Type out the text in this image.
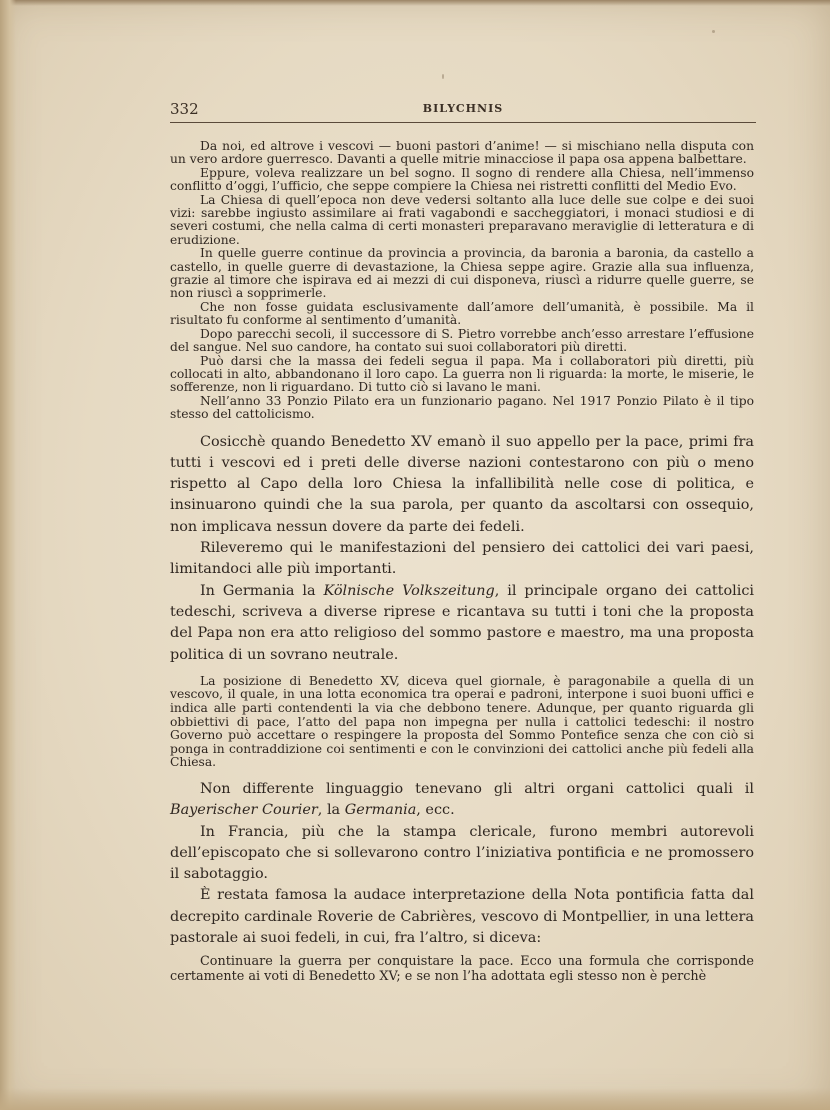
332	BILYCHNIS

Da noi, ed altrove i vescovi — buoni pastori d’anime! — si mischiano nella disputa con un vero ardore guerresco. Davanti a quelle mitrie minacciose il papa osa appena balbettare.

Eppure, voleva realizzare un bel sogno. Il sogno di rendere alla Chiesa, nell’immenso conflitto d’oggi, l’ufficio, che seppe compiere la Chiesa nei ristretti conflitti del Medio Evo.

La Chiesa di quell’epoca non deve vedersi soltanto alla luce delle sue colpe e dei suoi vizi: sarebbe ingiusto assimilare ai frati vagabondi e saccheggiatori, i monaci studiosi e di severi costumi, che nella calma di certi monasteri preparavano meraviglie di letteratura e di erudizione.

In quelle guerre continue da provincia a provincia, da baronia a baronia, da castello a castello, in quelle guerre di devastazione, la Chiesa seppe agire. Grazie alla sua influenza, grazie al timore che ispirava ed ai mezzi di cui disponeva, riuscì a ridurre quelle guerre, se non riuscì a sopprimerle.

Che non fosse guidata esclusivamente dall’amore dell’umanità, è possibile. Ma il risultato fu conforme al sentimento d’umanità.

Dopo parecchi secoli, il successore di S. Pietro vorrebbe anch’esso arrestare l’effusione del sangue. Nel suo candore, ha contato sui suoi collaboratori più diretti.

Può darsi che la massa dei fedeli segua il papa. Ma i collaboratori più diretti, più collocati in alto, abbandonano il loro capo. La guerra non li riguarda: la morte, le miserie, le sofferenze, non li riguardano. Di tutto ciò si lavano le mani.

Nell’anno 33 Ponzio Pilato era un funzionario pagano. Nel 1917 Ponzio Pilato è il tipo stesso del cattolicismo.

Cosicchè quando Benedetto XV emanò il suo appello per la pace, primi fra tutti i vescovi ed i preti delle diverse nazioni contestarono con più o meno rispetto al Capo della loro Chiesa la infallibilità nelle cose di politica, e insinuarono quindi che la sua parola, per quanto da ascoltarsi con ossequio, non implicava nessun dovere da parte dei fedeli.

Rileveremo qui le manifestazioni del pensiero dei cattolici dei vari paesi, limitandoci alle più importanti.

In Germania la Kölnische Volkszeitung, il principale organo dei cattolici tedeschi, scriveva a diverse riprese e ricantava su tutti i toni che la proposta del Papa non era atto religioso del sommo pastore e maestro, ma una proposta politica di un sovrano neutrale.

La posizione di Benedetto XV, diceva quel giornale, è paragonabile a quella di un vescovo, il quale, in una lotta economica tra operai e padroni, interpone i suoi buoni uffici e indica alle parti contendenti la via che debbono tenere. Adunque, per quanto riguarda gli obbiettivi di pace, l’atto del papa non impegna per nulla i cattolici tedeschi: il nostro Governo può accettare o respingere la proposta del Sommo Pontefice senza che con ciò si ponga in contraddizione coi sentimenti e con le convinzioni dei cattolici anche più fedeli alla Chiesa.

Non differente linguaggio tenevano gli altri organi cattolici quali il Bayerischer Courier, la Germania, ecc.

In Francia, più che la stampa clericale, furono membri autorevoli dell’episcopato che si sollevarono contro l’iniziativa pontificia e ne promossero il sabotaggio.

È restata famosa la audace interpretazione della Nota pontificia fatta dal decrepito cardinale Roverie de Cabrières, vescovo di Montpellier, in una lettera pastorale ai suoi fedeli, in cui, fra l’altro, si diceva:

Continuare la guerra per conquistare la pace. Ecco una formula che corrisponde certamente ai voti di Benedetto XV; e se non l’ha adottata egli stesso non è perchè
